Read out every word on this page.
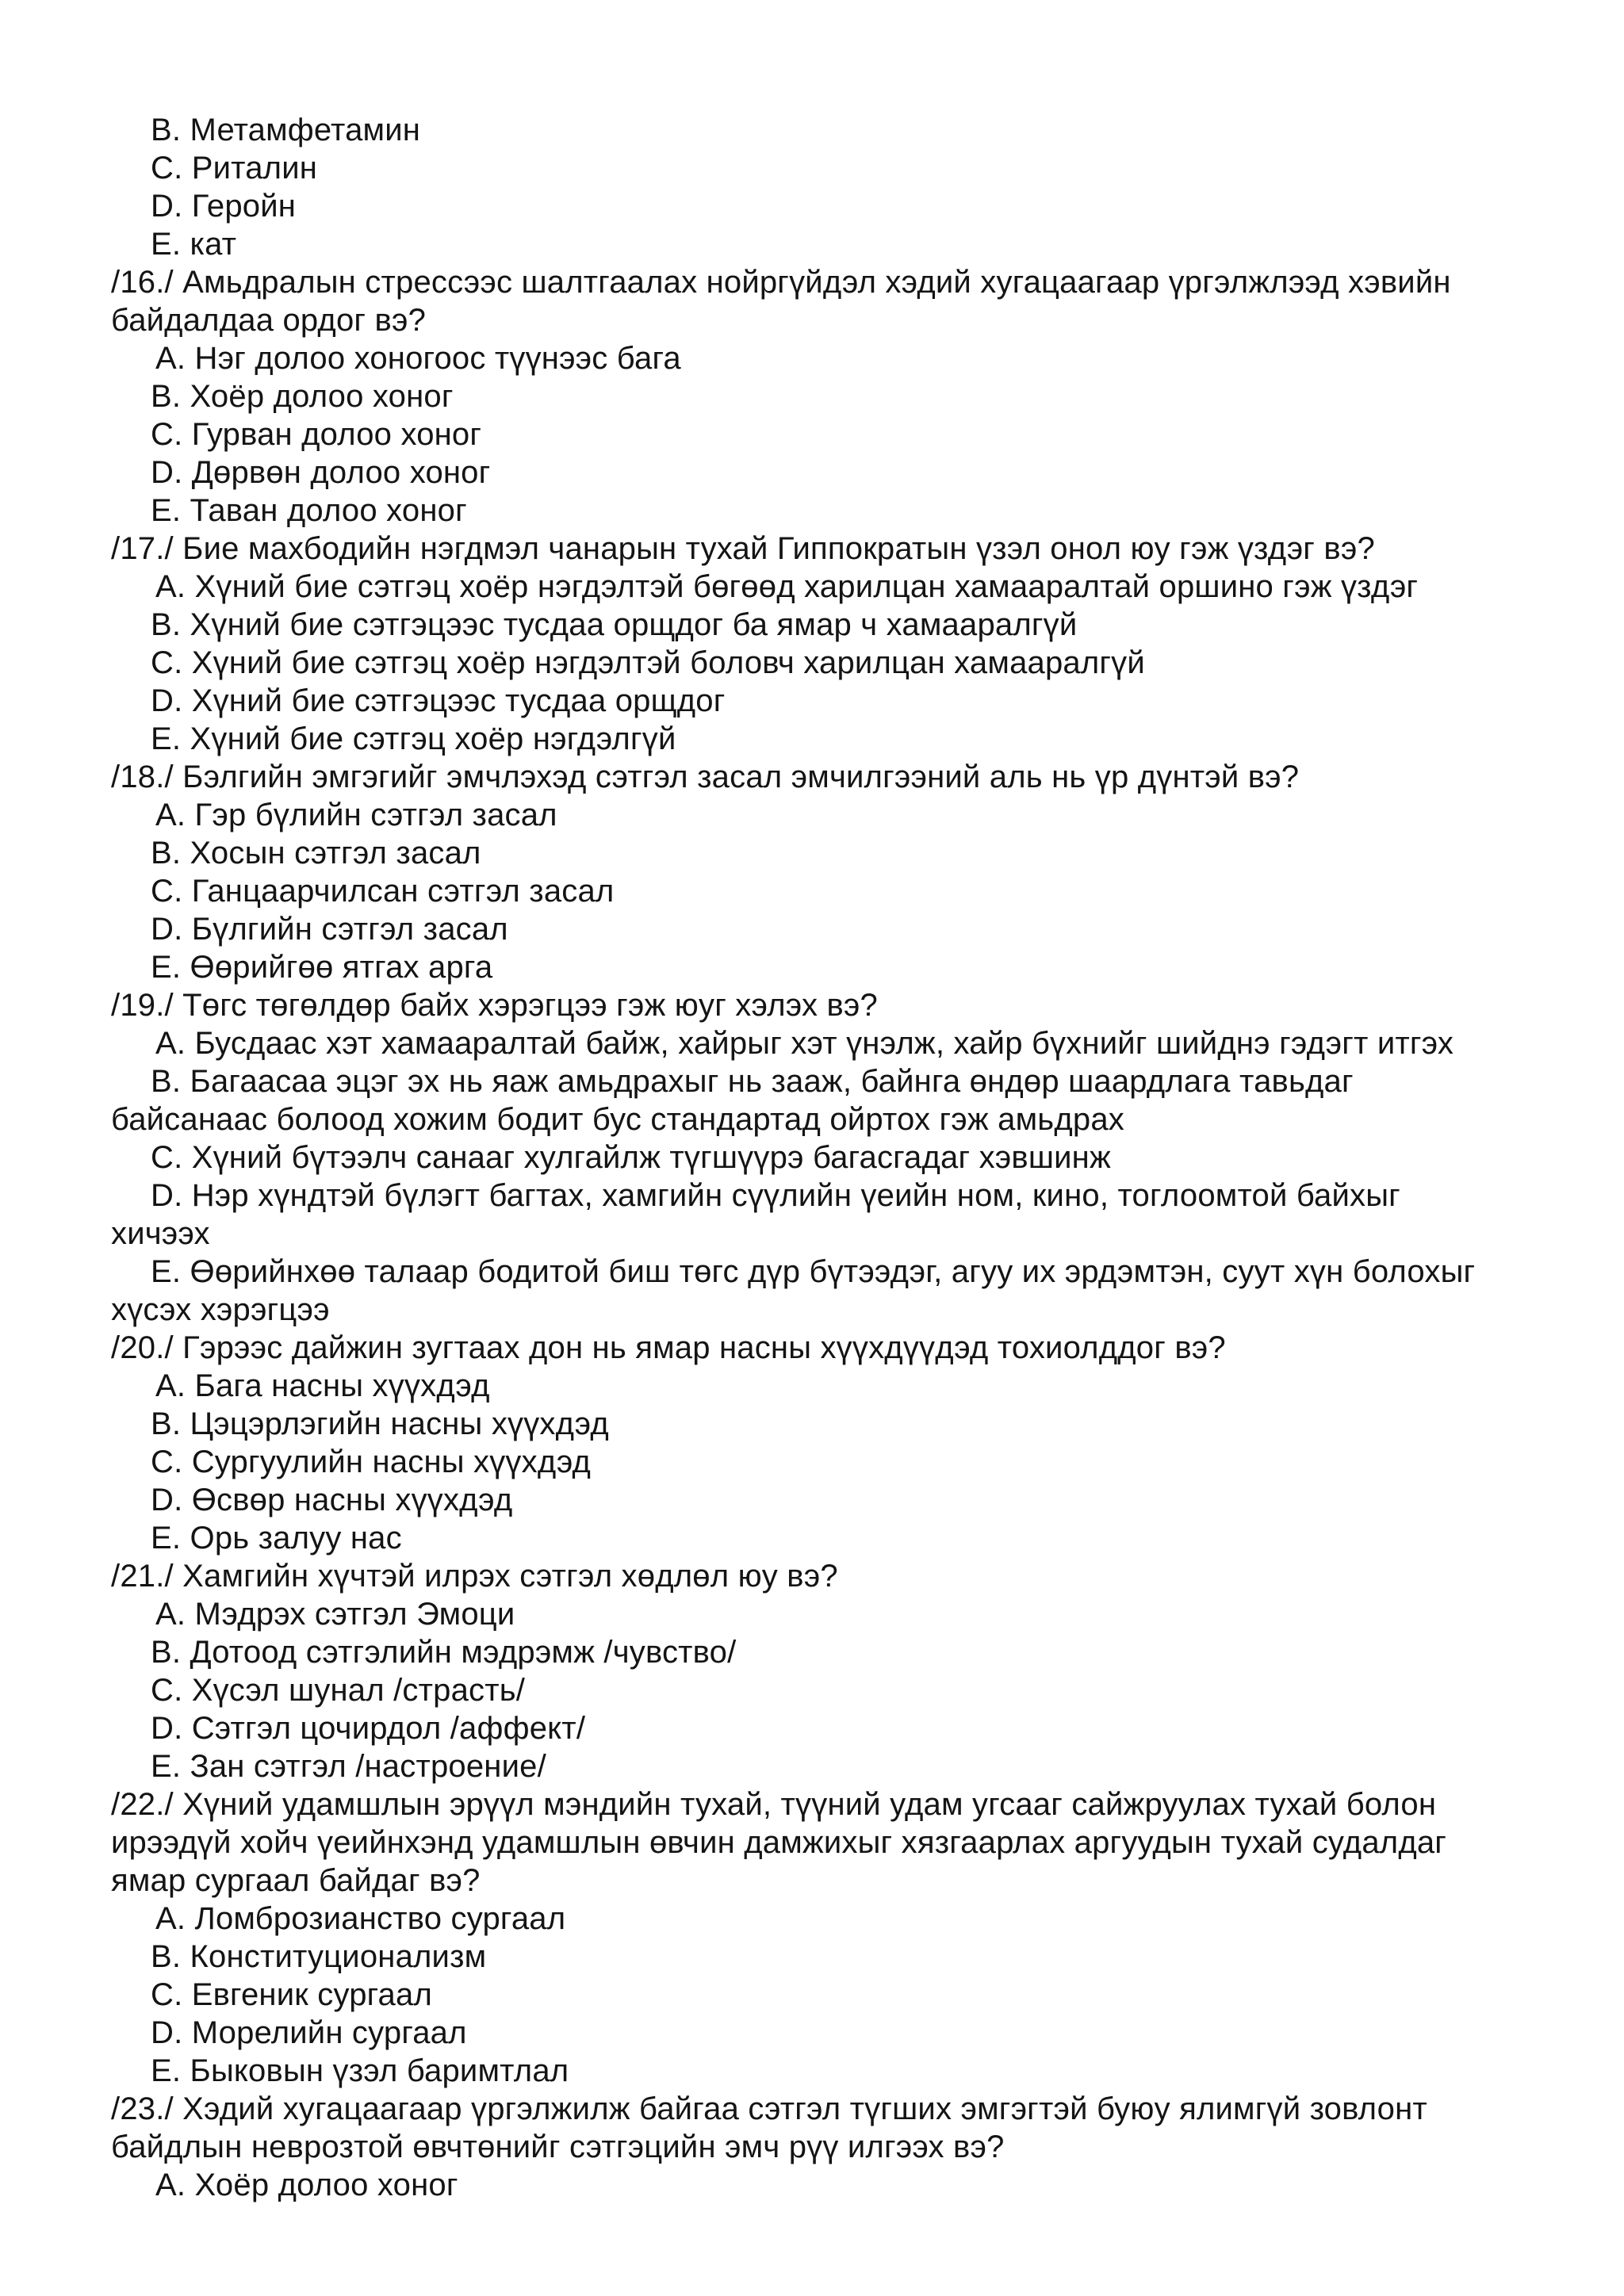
B. Метамфетамин
C. Риталин
D. Геройн
E. кат
/16./ Амьдралын стрессээс шалтгаалах нойргүйдэл хэдий хугацаагаар үргэлжлээд хэвийн
байдалдаа ордог вэ?
A. Нэг долоо хоногоос түүнээс бага
B. Хоёр долоо хоног
C. Гурван долоо хоног
D. Дөрвөн долоо хоног
E. Таван долоо хоног
/17./ Бие махбодийн нэгдмэл чанарын тухай Гиппократын үзэл онол юу гэж үздэг вэ?
A. Хүний бие сэтгэц хоёр нэгдэлтэй бөгөөд харилцан хамааралтай оршино гэж үздэг
B. Хүний бие сэтгэцээс тусдаа орщдог ба ямар ч хамааралгүй
C. Хүний бие сэтгэц хоёр нэгдэлтэй боловч харилцан хамааралгүй
D. Хүний бие сэтгэцээс тусдаа орщдог
E. Хүний бие сэтгэц хоёр нэгдэлгүй
/18./ Бэлгийн эмгэгийг эмчлэхэд сэтгэл засал эмчилгээний аль нь үр дүнтэй вэ?
A. Гэр бүлийн сэтгэл засал
B. Хосын сэтгэл засал
C. Ганцаарчилсан сэтгэл засал
D. Бүлгийн сэтгэл засал
E. Өөрийгөө ятгах арга
/19./ Төгс төгөлдөр байх хэрэгцээ гэж юуг хэлэх вэ?
A. Бусдаас хэт хамааралтай байж, хайрыг хэт үнэлж, хайр бүхнийг шийднэ гэдэгт итгэх
B. Багаасаа эцэг эх нь яаж амьдрахыг нь зааж, байнга өндөр шаардлага тавьдаг
байсанаас болоод хожим бодит бус стандартад ойртох гэж амьдрах
C. Хүний бүтээлч санааг хулгайлж түгшүүрэ багасгадаг хэвшинж
D. Нэр хүндтэй бүлэгт багтах, хамгийн сүүлийн үеийн ном, кино, тоглоомтой байхыг
хичээх
E. Өөрийнхөө талаар бодитой биш төгс дүр бүтээдэг, агуу их эрдэмтэн, суут хүн болохыг
хүсэх хэрэгцээ
/20./ Гэрээс дайжин зугтаах дон нь ямар насны хүүхдүүдэд тохиолддог вэ?
A. Бага насны хүүхдэд
B. Цэцэрлэгийн насны хүүхдэд
C. Сургуулийн насны хүүхдэд
D. Өсвөр насны хүүхдэд
E. Орь залуу нас
/21./ Хамгийн хүчтэй илрэх сэтгэл хөдлөл юу вэ?
A. Мэдрэх сэтгэл Эмоци
B. Дотоод сэтгэлийн мэдрэмж /чувство/
C. Хүсэл шунал /страсть/
D. Сэтгэл цочирдол /аффект/
E. Зан сэтгэл /настроение/
/22./ Хүний удамшлын эрүүл мэндийн тухай, түүний удам угсааг сайжруулах тухай болон
ирээдүй хойч үеийнхэнд удамшлын өвчин дамжихыг хязгаарлах аргуудын тухай судалдаг
ямар сургаал байдаг вэ?
A. Ломброзианство сургаал
B. Конституционализм
C. Евгеник сургаал
D. Морелийн сургаал
E. Быковын үзэл баримтлал
/23./ Хэдий хугацаагаар үргэлжилж байгаа сэтгэл түгших эмгэгтэй буюу ялимгүй зовлонт
байдлын неврозтой өвчтөнийг сэтгэцийн эмч рүү илгээх вэ?
A. Хоёр долоо хоног
